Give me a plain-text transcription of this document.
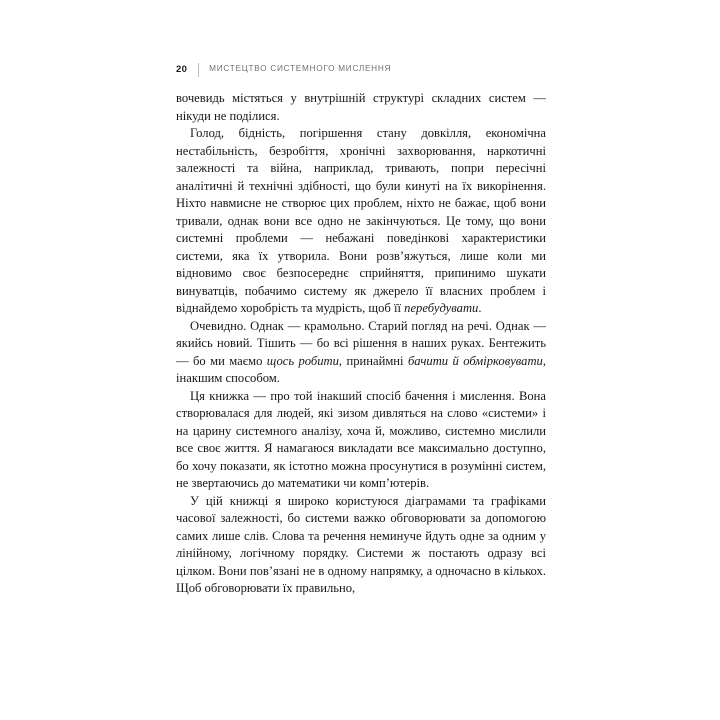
20	МИСТЕЦТВО СИСТЕМНОГО МИСЛЕННЯ

вочевидь містяться у внутрішній структурі складних систем — нікуди не поділися.

Голод, бідність, погіршення стану довкілля, економічна нестабільність, безробіття, хронічні захворювання, наркотичні залежності та війна, наприклад, тривають, попри пересічні аналітичні й технічні здібності, що були кинуті на їх викорінення. Ніхто навмисне не створює цих проблем, ніхто не бажає, щоб вони тривали, однак вони все одно не закінчуються. Це тому, що вони системні проблеми — небажані поведінкові характеристики системи, яка їх утворила. Вони розв’яжуться, лише коли ми відновимо своє безпосереднє сприйняття, припинимо шукати винуватців, побачимо систему як джерело її власних проблем і віднайдемо хоробрість та мудрість, щоб її перебудувати.

Очевидно. Однак — крамольно. Старий погляд на речі. Однак — якийсь новий. Тішить — бо всі рішення в наших руках. Бентежить — бо ми маємо щось робити, принаймні бачити й обмірковувати, інакшим способом.

Ця книжка — про той інакший спосіб бачення і мислення. Вона створювалася для людей, які зизом дивляться на слово «системи» і на царину системного аналізу, хоча й, можливо, системно мислили все своє життя. Я намагаюся викладати все максимально доступно, бо хочу показати, як істотно можна просунутися в розумінні систем, не звертаючись до математики чи комп’ютерів.

У цій книжці я широко користуюся діаграмами та графіками часової залежності, бо системи важко обговорювати за допомогою самих лише слів. Слова та речення неминуче йдуть одне за одним у лінійному, логічному порядку. Системи ж постають одразу всі цілком. Вони пов’язані не в одному напрямку, а одночасно в кількох. Щоб обговорювати їх правильно,
